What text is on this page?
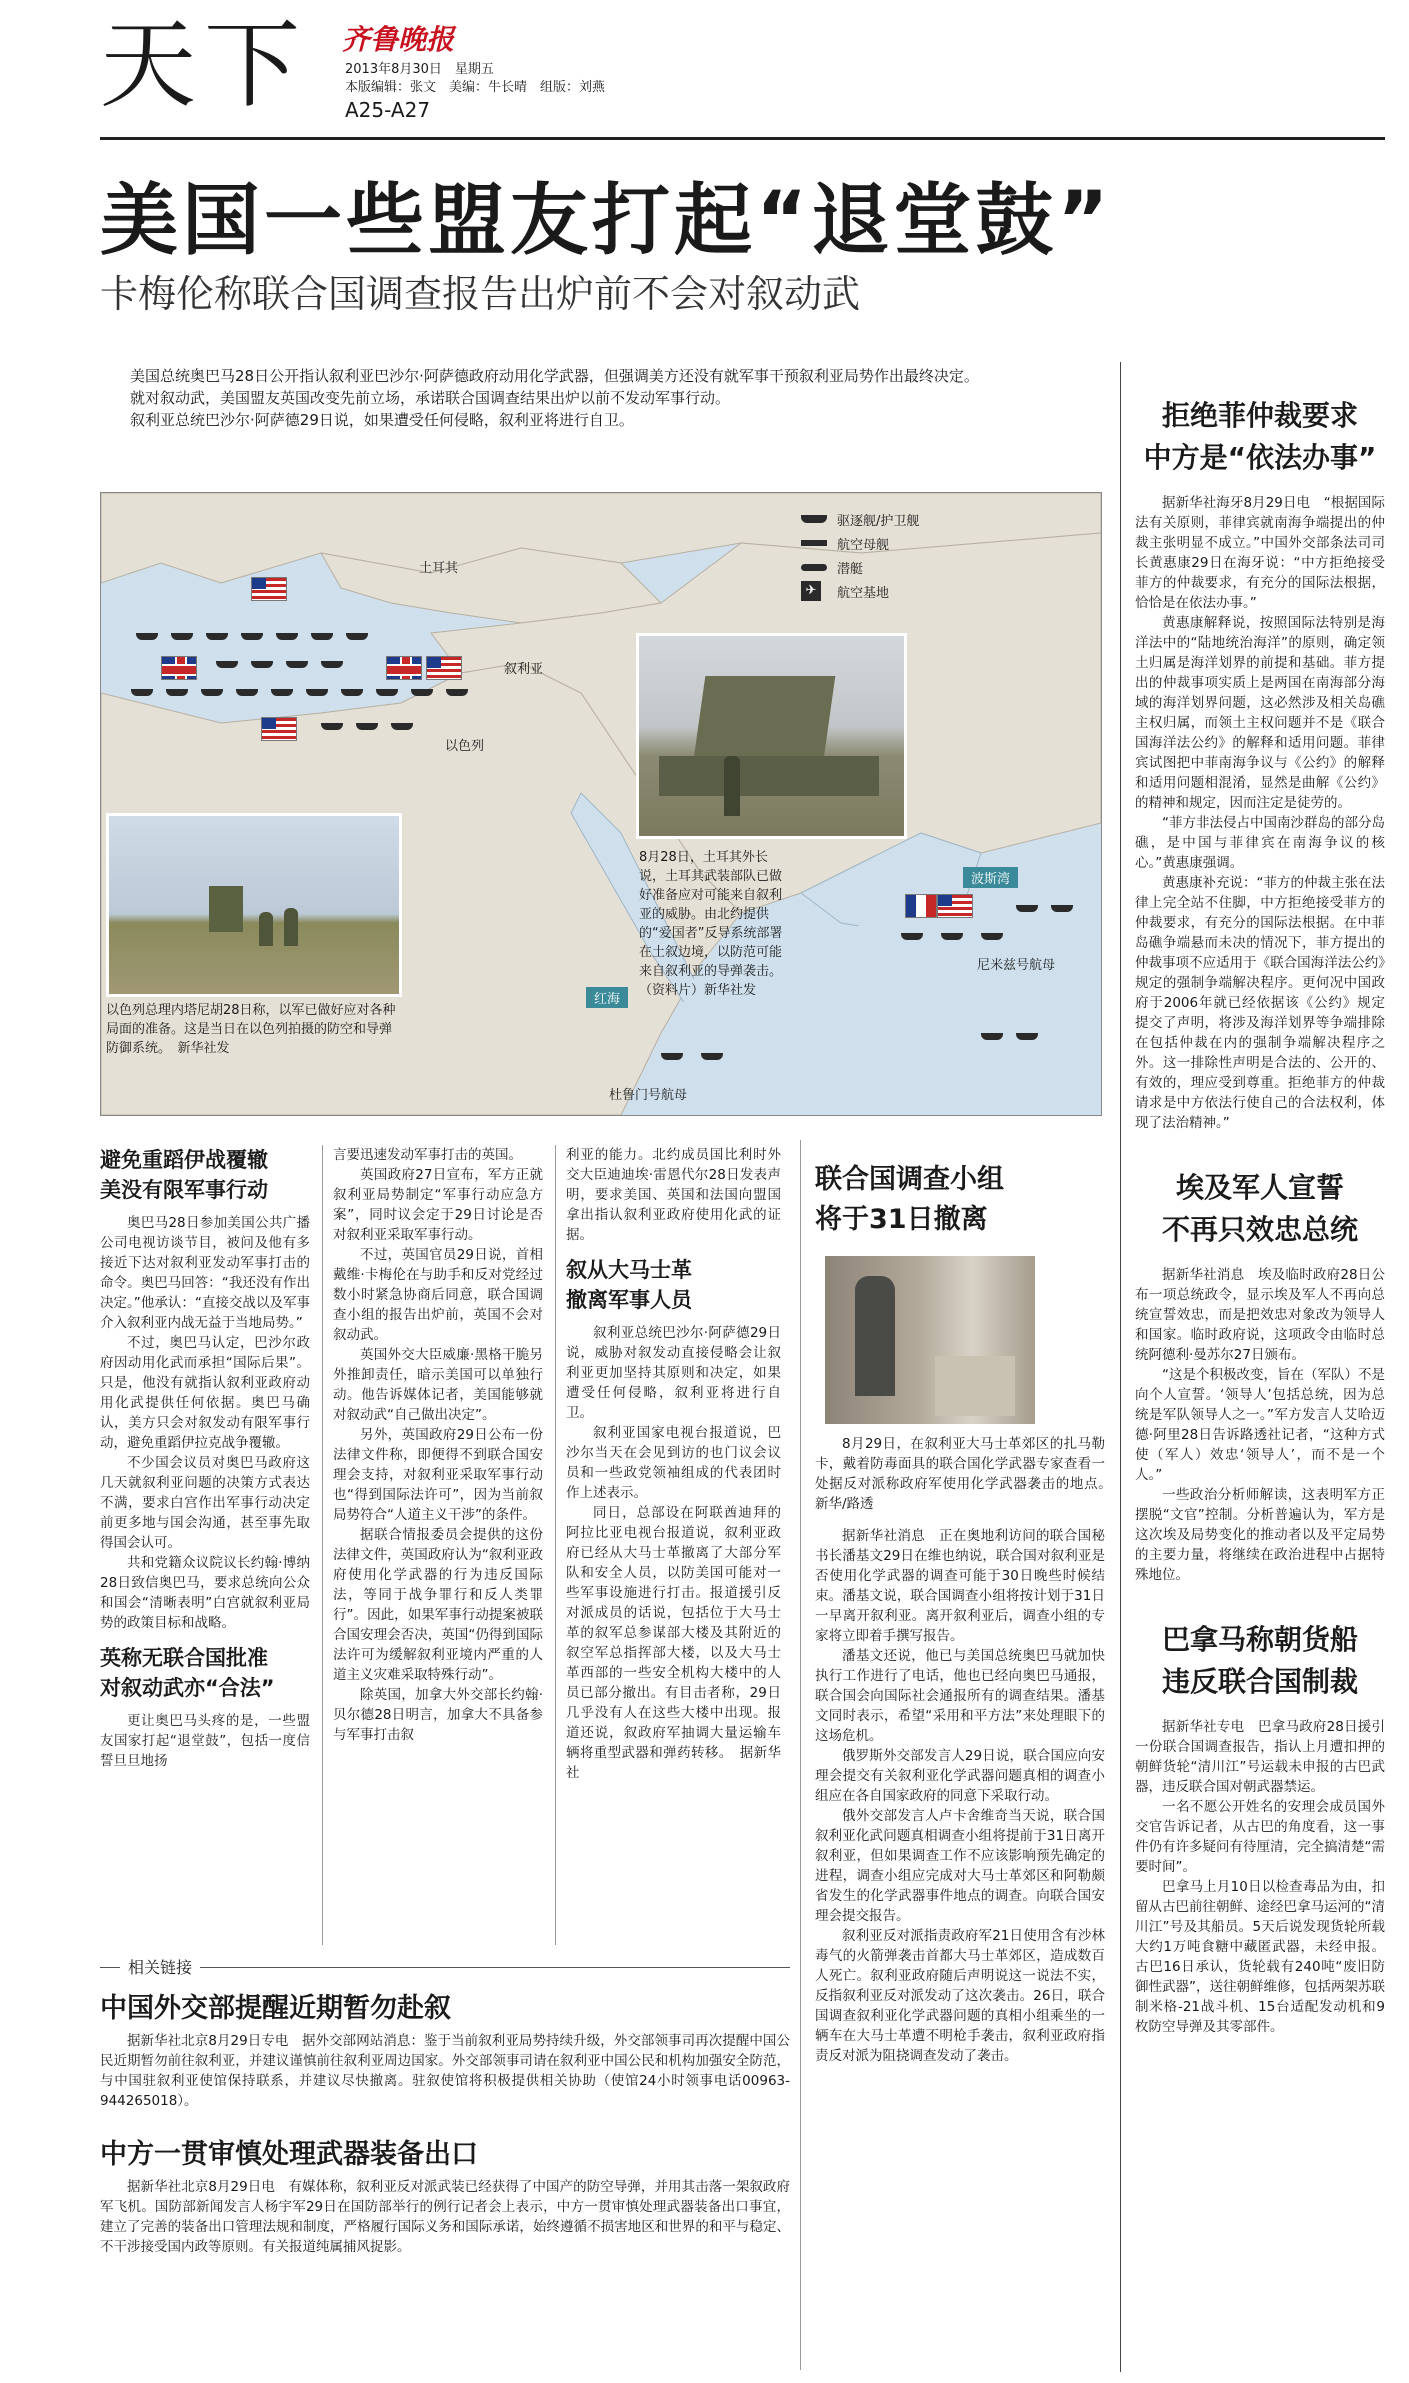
天下 齐鲁晚报
2013年8月30日　星期五
本版编辑：张文　美编：牛长晴　组版：刘燕
A25-A27
美国一些盟友打起“退堂鼓”
卡梅伦称联合国调查报告出炉前不会对叙动武

美国总统奥巴马28日公开指认叙利亚巴沙尔·阿萨德政府动用化学武器，但强调美方还没有就军事干预叙利亚局势作出最终决定。

就对叙动武，美国盟友英国改变先前立场，承诺联合国调查结果出炉以前不发动军事行动。

叙利亚总统巴沙尔·阿萨德29日说，如果遭受任何侵略，叙利亚将进行自卫。

驱逐舰/护卫舰
航空母舰
潜艇
✈	航空基地
土耳其
叙利亚
以色列
红海
波斯湾
尼米兹号航母
杜鲁门号航母
以色列总理内塔尼胡28日称，以军已做好应对各种局面的准备。这是当日在以色列拍摄的防空和导弹防御系统。　新华社发
8月28日，土耳其外长说，土耳其武装部队已做好准备应对可能来自叙利亚的威胁。由北约提供的“爱国者”反导系统部署在土叙边境，以防范可能来自叙利亚的导弹袭击。（资料片）新华社发

避免重蹈伊战覆辙

美没有限军事行动

奥巴马28日参加美国公共广播公司电视访谈节目，被问及他有多接近下达对叙利亚发动军事打击的命令。奥巴马回答：“我还没有作出决定。”他承认：“直接交战以及军事介入叙利亚内战无益于当地局势。”

不过，奥巴马认定，巴沙尔政府因动用化武而承担“国际后果”。只是，他没有就指认叙利亚政府动用化武提供任何依据。奥巴马确认，美方只会对叙发动有限军事行动，避免重蹈伊拉克战争覆辙。

不少国会议员对奥巴马政府这几天就叙利亚问题的决策方式表达不满，要求白宫作出军事行动决定前更多地与国会沟通，甚至事先取得国会认可。

共和党籍众议院议长约翰·博纳28日致信奥巴马，要求总统向公众和国会“清晰表明”白宫就叙利亚局势的政策目标和战略。

英称无联合国批准

对叙动武亦“合法”

更让奥巴马头疼的是，一些盟友国家打起“退堂鼓”，包括一度信誓旦旦地扬

言要迅速发动军事打击的英国。

英国政府27日宣布，军方正就叙利亚局势制定“军事行动应急方案”，同时议会定于29日讨论是否对叙利亚采取军事行动。

不过，英国官员29日说，首相戴维·卡梅伦在与助手和反对党经过数小时紧急协商后同意，联合国调查小组的报告出炉前，英国不会对叙动武。

英国外交大臣威廉·黑格干脆另外推卸责任，暗示美国可以单独行动。他告诉媒体记者，美国能够就对叙动武“自己做出决定”。

另外，英国政府29日公布一份法律文件称，即便得不到联合国安理会支持，对叙利亚采取军事行动也“得到国际法许可”，因为当前叙局势符合“人道主义干涉”的条件。

据联合情报委员会提供的这份法律文件，英国政府认为“叙利亚政府使用化学武器的行为违反国际法，等同于战争罪行和反人类罪行”。因此，如果军事行动提案被联合国安理会否决，英国“仍得到国际法许可为缓解叙利亚境内严重的人道主义灾难采取特殊行动”。

除英国，加拿大外交部长约翰·贝尔德28日明言，加拿大不具备参与军事打击叙

利亚的能力。北约成员国比利时外交大臣迪迪埃·雷恩代尔28日发表声明，要求美国、英国和法国向盟国拿出指认叙利亚政府使用化武的证据。

叙从大马士革

撤离军事人员

叙利亚总统巴沙尔·阿萨德29日说，威胁对叙发动直接侵略会让叙利亚更加坚持其原则和决定，如果遭受任何侵略，叙利亚将进行自卫。

叙利亚国家电视台报道说，巴沙尔当天在会见到访的也门议会议员和一些政党领袖组成的代表团时作上述表示。

同日，总部设在阿联酋迪拜的阿拉比亚电视台报道说，叙利亚政府已经从大马士革撤离了大部分军队和安全人员，以防美国可能对一些军事设施进行打击。报道援引反对派成员的话说，包括位于大马士革的叙军总参谋部大楼及其附近的叙空军总指挥部大楼，以及大马士革西部的一些安全机构大楼中的人员已部分撤出。有目击者称，29日几乎没有人在这些大楼中出现。报道还说，叙政府军抽调大量运输车辆将重型武器和弹药转移。　据新华社

联合国调查小组
将于31日撤离

8月29日，在叙利亚大马士革郊区的扎马勒卡，戴着防毒面具的联合国化学武器专家查看一处据反对派称政府军使用化学武器袭击的地点。　新华/路透

据新华社消息　正在奥地利访问的联合国秘书长潘基文29日在维也纳说，联合国对叙利亚是否使用化学武器的调查可能于30日晚些时候结束。潘基文说，联合国调查小组将按计划于31日一早离开叙利亚。离开叙利亚后，调查小组的专家将立即着手撰写报告。

潘基文还说，他已与美国总统奥巴马就加快执行工作进行了电话，他也已经向奥巴马通报，联合国会向国际社会通报所有的调查结果。潘基文同时表示，希望“采用和平方法”来处理眼下的这场危机。

俄罗斯外交部发言人29日说，联合国应向安理会提交有关叙利亚化学武器问题真相的调查小组应在各自国家政府的同意下采取行动。

俄外交部发言人卢卡舍维奇当天说，联合国叙利亚化武问题真相调查小组将提前于31日离开叙利亚，但如果调查工作不应该影响预先确定的进程，调查小组应完成对大马士革郊区和阿勒颇省发生的化学武器事件地点的调查。向联合国安理会提交报告。

叙利亚反对派指责政府军21日使用含有沙林毒气的火箭弹袭击首都大马士革郊区，造成数百人死亡。叙利亚政府随后声明说这一说法不实，反指叙利亚反对派发动了这次袭击。26日，联合国调查叙利亚化学武器问题的真相小组乘坐的一辆车在大马士革遭不明枪手袭击，叙利亚政府指责反对派为阻挠调查发动了袭击。

相关链接
中国外交部提醒近期暂勿赴叙

据新华社北京8月29日专电　据外交部网站消息：鉴于当前叙利亚局势持续升级，外交部领事司再次提醒中国公民近期暂勿前往叙利亚，并建议谨慎前往叙利亚周边国家。外交部领事司请在叙利亚中国公民和机构加强安全防范，与中国驻叙利亚使馆保持联系，并建议尽快撤离。驻叙使馆将积极提供相关协助（使馆24小时领事电话00963-944265018）。

中方一贯审慎处理武器装备出口

据新华社北京8月29日电　有媒体称，叙利亚反对派武装已经获得了中国产的防空导弹，并用其击落一架叙政府军飞机。国防部新闻发言人杨宇军29日在国防部举行的例行记者会上表示，中方一贯审慎处理武器装备出口事宜，建立了完善的装备出口管理法规和制度，严格履行国际义务和国际承诺，始终遵循不损害地区和世界的和平与稳定、不干涉接受国内政等原则。有关报道纯属捕风捉影。

拒绝菲仲裁要求

中方是“依法办事”

据新华社海牙8月29日电　“根据国际法有关原则，菲律宾就南海争端提出的仲裁主张明显不成立。”中国外交部条法司司长黄惠康29日在海牙说：“中方拒绝接受菲方的仲裁要求，有充分的国际法根据，恰恰是在依法办事。”

黄惠康解释说，按照国际法特别是海洋法中的“陆地统治海洋”的原则，确定领土归属是海洋划界的前提和基础。菲方提出的仲裁事项实质上是两国在南海部分海域的海洋划界问题，这必然涉及相关岛礁主权归属，而领土主权问题并不是《联合国海洋法公约》的解释和适用问题。菲律宾试图把中菲南海争议与《公约》的解释和适用问题相混淆，显然是曲解《公约》的精神和规定，因而注定是徒劳的。

“菲方非法侵占中国南沙群岛的部分岛礁，是中国与菲律宾在南海争议的核心。”黄惠康强调。

黄惠康补充说：“菲方的仲裁主张在法律上完全站不住脚，中方拒绝接受菲方的仲裁要求，有充分的国际法根据。在中菲岛礁争端悬而未决的情况下，菲方提出的仲裁事项不应适用于《联合国海洋法公约》规定的强制争端解决程序。更何况中国政府于2006年就已经依据该《公约》规定提交了声明，将涉及海洋划界等争端排除在包括仲裁在内的强制争端解决程序之外。这一排除性声明是合法的、公开的、有效的，理应受到尊重。拒绝菲方的仲裁请求是中方依法行使自己的合法权利，体现了法治精神。”

埃及军人宣誓

不再只效忠总统

据新华社消息　埃及临时政府28日公布一项总统政令，显示埃及军人不再向总统宣誓效忠，而是把效忠对象改为领导人和国家。临时政府说，这项政令由临时总统阿德利·曼苏尔27日颁布。

“这是个积极改变，旨在（军队）不是向个人宣誓。‘领导人’包括总统，因为总统是军队领导人之一。”军方发言人艾哈迈德·阿里28日告诉路透社记者，“这种方式使（军人）效忠‘领导人’，而不是一个人。”

一些政治分析师解读，这表明军方正摆脱“文官”控制。分析普遍认为，军方是这次埃及局势变化的推动者以及平定局势的主要力量，将继续在政治进程中占据特殊地位。

巴拿马称朝货船

违反联合国制裁

据新华社专电　巴拿马政府28日援引一份联合国调查报告，指认上月遭扣押的朝鲜货轮“清川江”号运载未申报的古巴武器，违反联合国对朝武器禁运。

一名不愿公开姓名的安理会成员国外交官告诉记者，从古巴的角度看，这一事件仍有许多疑问有待厘清，完全搞清楚“需要时间”。

巴拿马上月10日以检查毒品为由，扣留从古巴前往朝鲜、途经巴拿马运河的“清川江”号及其船员。5天后说发现货轮所载大约1万吨食糖中藏匿武器，未经申报。古巴16日承认，货轮载有240吨“废旧防御性武器”，送往朝鲜维修，包括两架苏联制米格-21战斗机、15台适配发动机和9枚防空导弹及其零部件。
